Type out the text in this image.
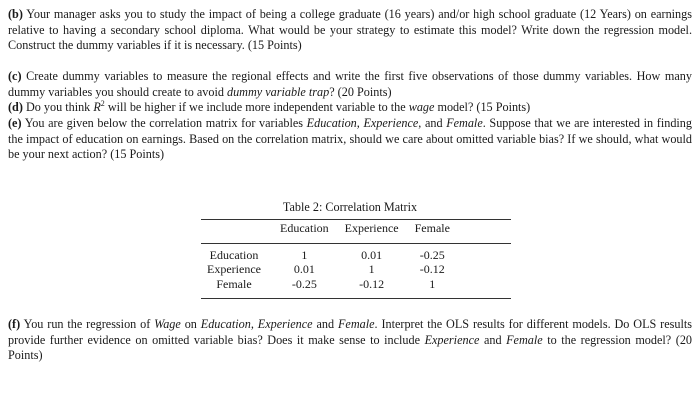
(b) Your manager asks you to study the impact of being a college graduate (16 years) and/or high school graduate (12 Years) on earnings relative to having a secondary school diploma. What would be your strategy to estimate this model? Write down the regression model. Construct the dummy variables if it is necessary. (15 Points)

(c) Create dummy variables to measure the regional effects and write the first five observations of those dummy variables. How many dummy variables you should create to avoid dummy variable trap? (20 Points)

(d) Do you think $R^2$ will be higher if we include more independent variable to the wage model? (15 Points)

(e) You are given below the correlation matrix for variables Education, Experience, and Female. Suppose that we are interested in finding the impact of education on earnings. Based on the correlation matrix, should we care about omitted variable bias? If we should, what would be your next action? (15 Points)

Table 2: Correlation Matrix
	Education	Experience	Female
Education	1	0.01	-0.25
Experience	0.01	1	-0.12
Female	-0.25	-0.12	1

(f) You run the regression of Wage on Education, Experience and Female. Interpret the OLS results for different models. Do OLS results provide further evidence on omitted variable bias? Does it make sense to include Experience and Female to the regression model? (20 Points)
